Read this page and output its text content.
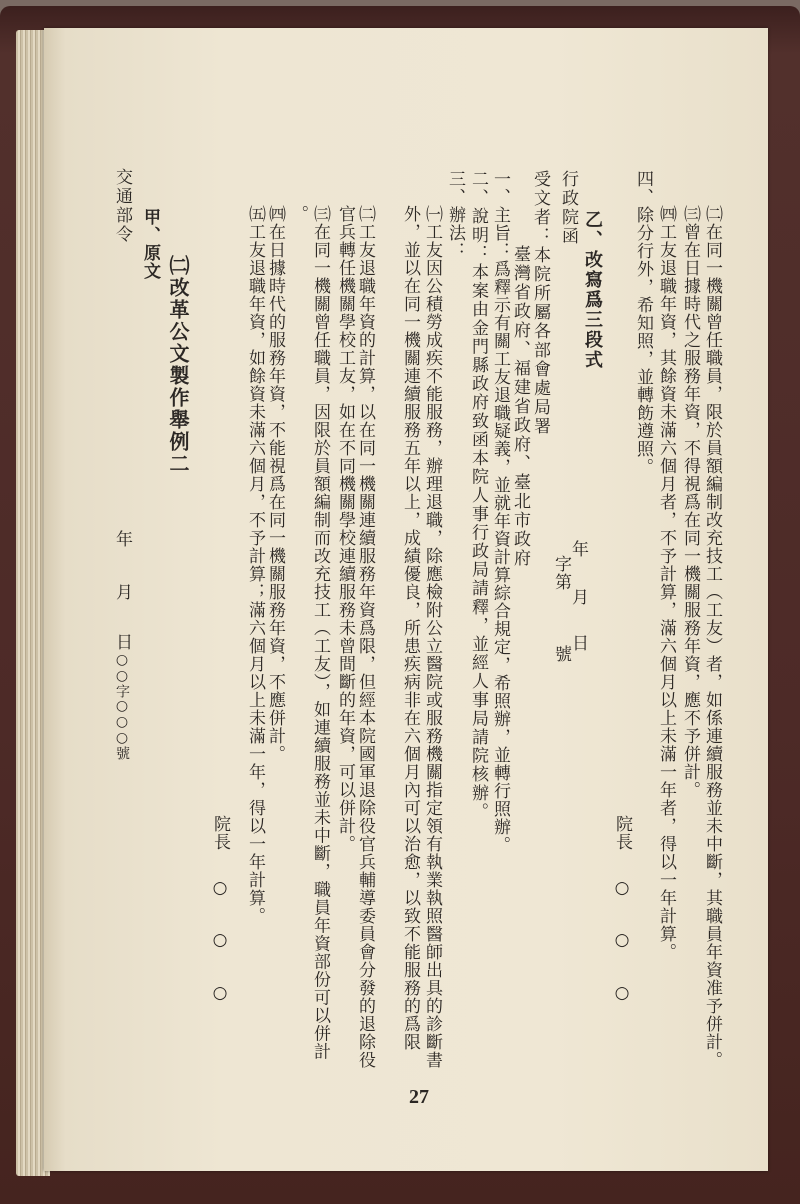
㈡在同一機關曾任職員，限於員額編制改充技工（工友）者，如係連續服務並未中斷，其職員年資准予併計。
㈢曾在日據時代之服務年資，不得視爲在同一機關服務年資，應不予併計。
㈣工友退職年資，其餘資未滿六個月者，不予計算，滿六個月以上未滿一年者，得以一年計算。
四、除分行外，希知照，並轉飭遵照。
院長
○
○
○
乙、改寫爲三段式
行政院函
年
月
日
字第
號
受文者：本院所屬各部會處局署
臺灣省政府、福建省政府、臺北市政府
一、主旨：爲釋示有關工友退職疑義，並就年資計算綜合規定，希照辦，並轉行照辦。
二、說明：本案由金門縣政府致函本院人事行政局請釋，並經人事局請院核辦。
三、辦法：
㈠工友因公積勞成疾不能服務，辦理退職，除應檢附公立醫院或服務機關指定領有執業執照醫師出具的診斷書
外，並以在同一機關連續服務五年以上，成績優良，所患疾病非在六個月內可以治愈，以致不能服務的爲限
㈡工友退職年資的計算，以在同一機關連續服務年資爲限，但經本院國軍退除役官兵輔導委員會分發的退除役
官兵轉任機關學校工友，如在不同機關學校連續服務未曾間斷的年資，可以併計。
㈢在同一機關曾任職員，因限於員額編制而改充技工（工友），如連續服務並未中斷，職員年資部份可以併計
。
㈣在日據時代的服務年資，不能視爲在同一機關服務年資，不應併計。
㈤工友退職年資，如餘資未滿六個月，不予計算；滿六個月以上未滿一年，得以一年計算。
院長
○
○
○
㈡改革公文製作舉例二
甲、原文
交通部令
年
月
日
○○字○○○號
27
